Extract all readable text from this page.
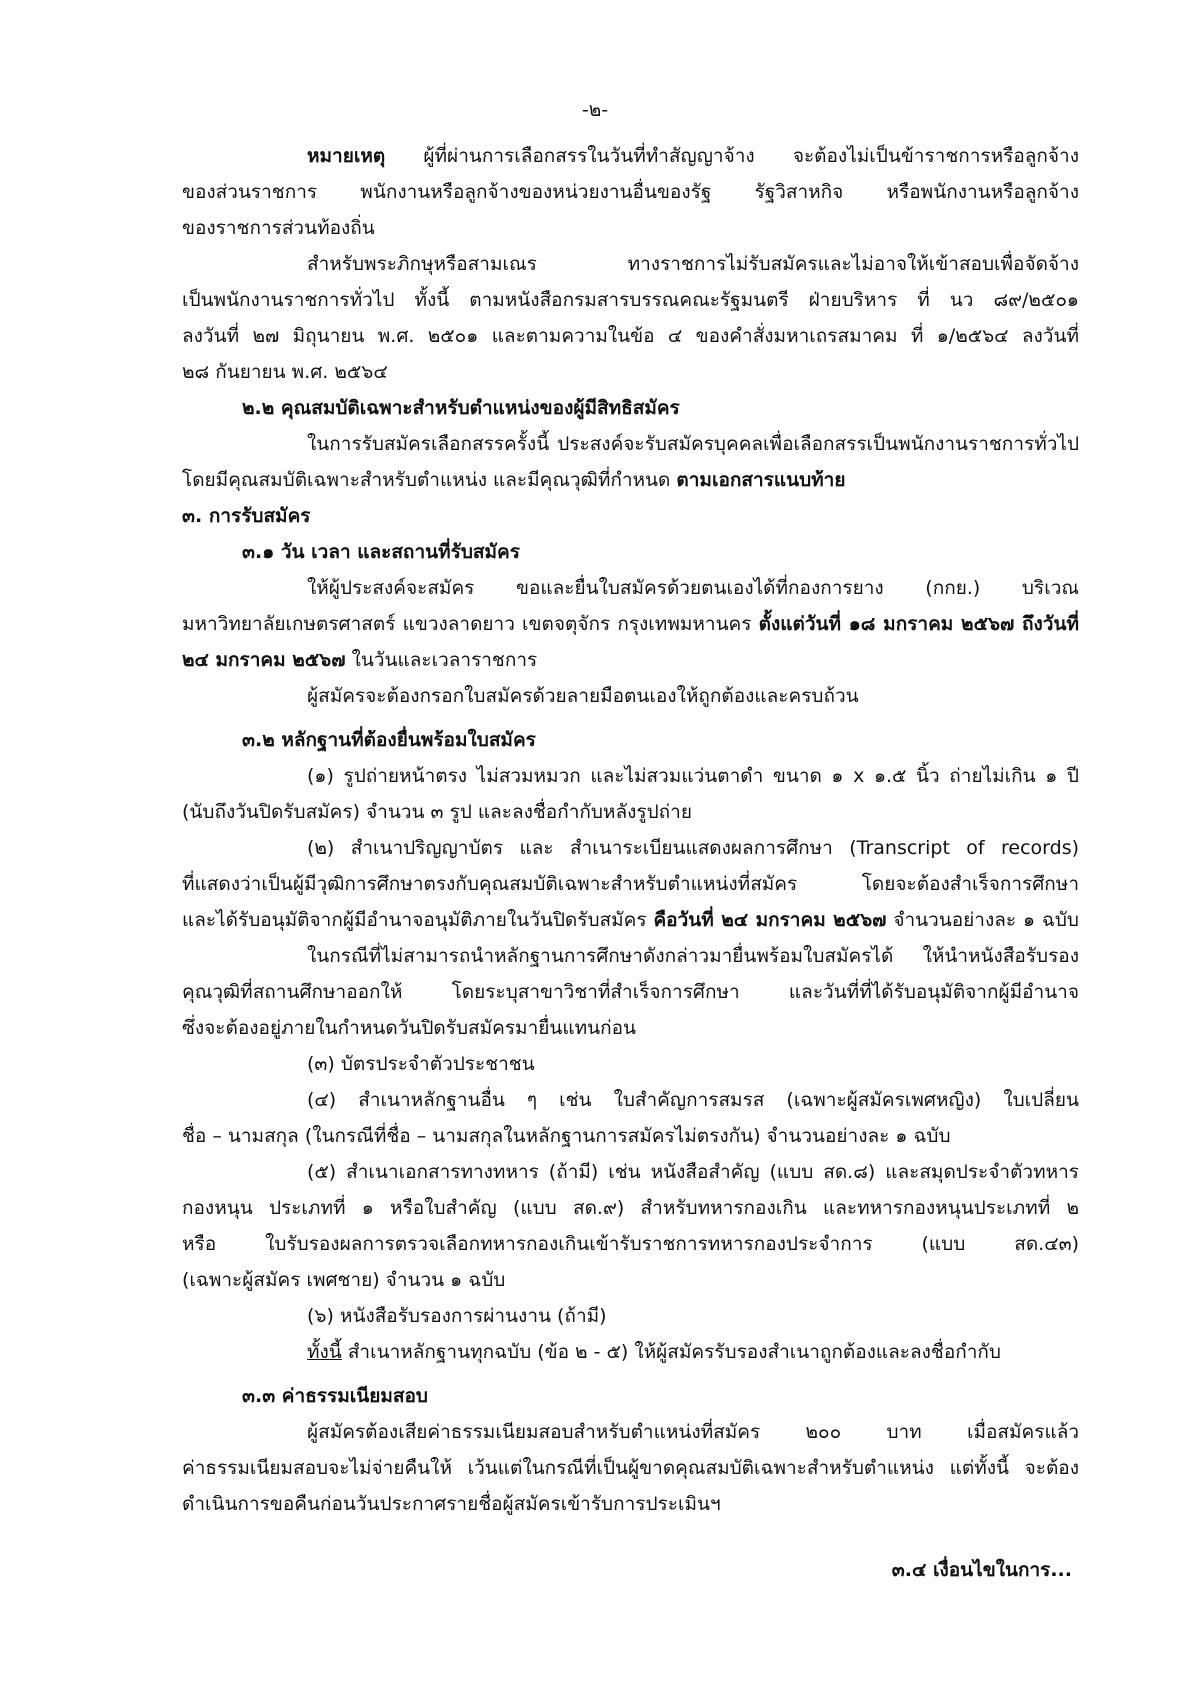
-๒-

หมายเหตุ ผู้ที่ผ่านการเลือกสรรในวันที่ทำสัญญาจ้าง จะต้องไม่เป็นข้าราชการหรือลูกจ้าง

ของส่วนราชการ พนักงานหรือลูกจ้างของหน่วยงานอื่นของรัฐ รัฐวิสาหกิจ หรือพนักงานหรือลูกจ้าง

ของราชการส่วนท้องถิ่น

สำหรับพระภิกษุหรือสามเณร ทางราชการไม่รับสมัครและไม่อาจให้เข้าสอบเพื่อจัดจ้าง

เป็นพนักงานราชการทั่วไป ทั้งนี้ ตามหนังสือกรมสารบรรณคณะรัฐมนตรี ฝ่ายบริหาร ที่ นว ๘๙/๒๕๐๑

ลงวันที่ ๒๗ มิถุนายน พ.ศ. ๒๕๐๑ และตามความในข้อ ๔ ของคำสั่งมหาเถรสมาคม ที่ ๑/๒๕๖๔ ลงวันที่

๒๘ กันยายน พ.ศ. ๒๕๖๔

๒.๒ คุณสมบัติเฉพาะสำหรับตำแหน่งของผู้มีสิทธิสมัคร

ในการรับสมัครเลือกสรรครั้งนี้ ประสงค์จะรับสมัครบุคคลเพื่อเลือกสรรเป็นพนักงานราชการทั่วไป

โดยมีคุณสมบัติเฉพาะสำหรับตำแหน่ง และมีคุณวุฒิที่กำหนด ตามเอกสารแนบท้าย

๓. การรับสมัคร

๓.๑ วัน เวลา และสถานที่รับสมัคร

ให้ผู้ประสงค์จะสมัคร ขอและยื่นใบสมัครด้วยตนเองได้ที่กองการยาง (กกย.) บริเวณ

มหาวิทยาลัยเกษตรศาสตร์ แขวงลาดยาว เขตจตุจักร กรุงเทพมหานคร ตั้งแต่วันที่ ๑๘ มกราคม ๒๕๖๗ ถึงวันที่

๒๔ มกราคม ๒๕๖๗ ในวันและเวลาราชการ

ผู้สมัครจะต้องกรอกใบสมัครด้วยลายมือตนเองให้ถูกต้องและครบถ้วน

๓.๒ หลักฐานที่ต้องยื่นพร้อมใบสมัคร

(๑) รูปถ่ายหน้าตรง ไม่สวมหมวก และไม่สวมแว่นตาดำ ขนาด ๑ x ๑.๕ นิ้ว ถ่ายไม่เกิน ๑ ปี

(นับถึงวันปิดรับสมัคร) จำนวน ๓ รูป และลงชื่อกำกับหลังรูปถ่าย

(๒) สำเนาปริญญาบัตร และ สำเนาระเบียนแสดงผลการศึกษา (Transcript of records)

ที่แสดงว่าเป็นผู้มีวุฒิการศึกษาตรงกับคุณสมบัติเฉพาะสำหรับตำแหน่งที่สมัคร โดยจะต้องสำเร็จการศึกษา

และได้รับอนุมัติจากผู้มีอำนาจอนุมัติภายในวันปิดรับสมัคร คือวันที่ ๒๔ มกราคม ๒๕๖๗ จำนวนอย่างละ ๑ ฉบับ

ในกรณีที่ไม่สามารถนำหลักฐานการศึกษาดังกล่าวมายื่นพร้อมใบสมัครได้ ให้นำหนังสือรับรอง

คุณวุฒิที่สถานศึกษาออกให้ โดยระบุสาขาวิชาที่สำเร็จการศึกษา และวันที่ที่ได้รับอนุมัติจากผู้มีอำนาจ

ซึ่งจะต้องอยู่ภายในกำหนดวันปิดรับสมัครมายื่นแทนก่อน

(๓) บัตรประจำตัวประชาชน

(๔) สำเนาหลักฐานอื่น ๆ เช่น ใบสำคัญการสมรส (เฉพาะผู้สมัครเพศหญิง) ใบเปลี่ยน

ชื่อ – นามสกุล (ในกรณีที่ชื่อ – นามสกุลในหลักฐานการสมัครไม่ตรงกัน) จำนวนอย่างละ ๑ ฉบับ

(๕) สำเนาเอกสารทางทหาร (ถ้ามี) เช่น หนังสือสำคัญ (แบบ สด.๘) และสมุดประจำตัวทหาร

กองหนุน ประเภทที่ ๑ หรือใบสำคัญ (แบบ สด.๙) สำหรับทหารกองเกิน และทหารกองหนุนประเภทที่ ๒

หรือ ใบรับรองผลการตรวจเลือกทหารกองเกินเข้ารับราชการทหารกองประจำการ (แบบ สด.๔๓)

(เฉพาะผู้สมัคร เพศชาย) จำนวน ๑ ฉบับ

(๖) หนังสือรับรองการผ่านงาน (ถ้ามี)

ทั้งนี้ สำเนาหลักฐานทุกฉบับ (ข้อ ๒ - ๕) ให้ผู้สมัครรับรองสำเนาถูกต้องและลงชื่อกำกับ

๓.๓ ค่าธรรมเนียมสอบ

ผู้สมัครต้องเสียค่าธรรมเนียมสอบสำหรับตำแหน่งที่สมัคร ๒๐๐ บาท เมื่อสมัครแล้ว

ค่าธรรมเนียมสอบจะไม่จ่ายคืนให้ เว้นแต่ในกรณีที่เป็นผู้ขาดคุณสมบัติเฉพาะสำหรับตำแหน่ง แต่ทั้งนี้ จะต้อง

ดำเนินการขอคืนก่อนวันประกาศรายชื่อผู้สมัครเข้ารับการประเมินฯ

๓.๔ เงื่อนไขในการ...
